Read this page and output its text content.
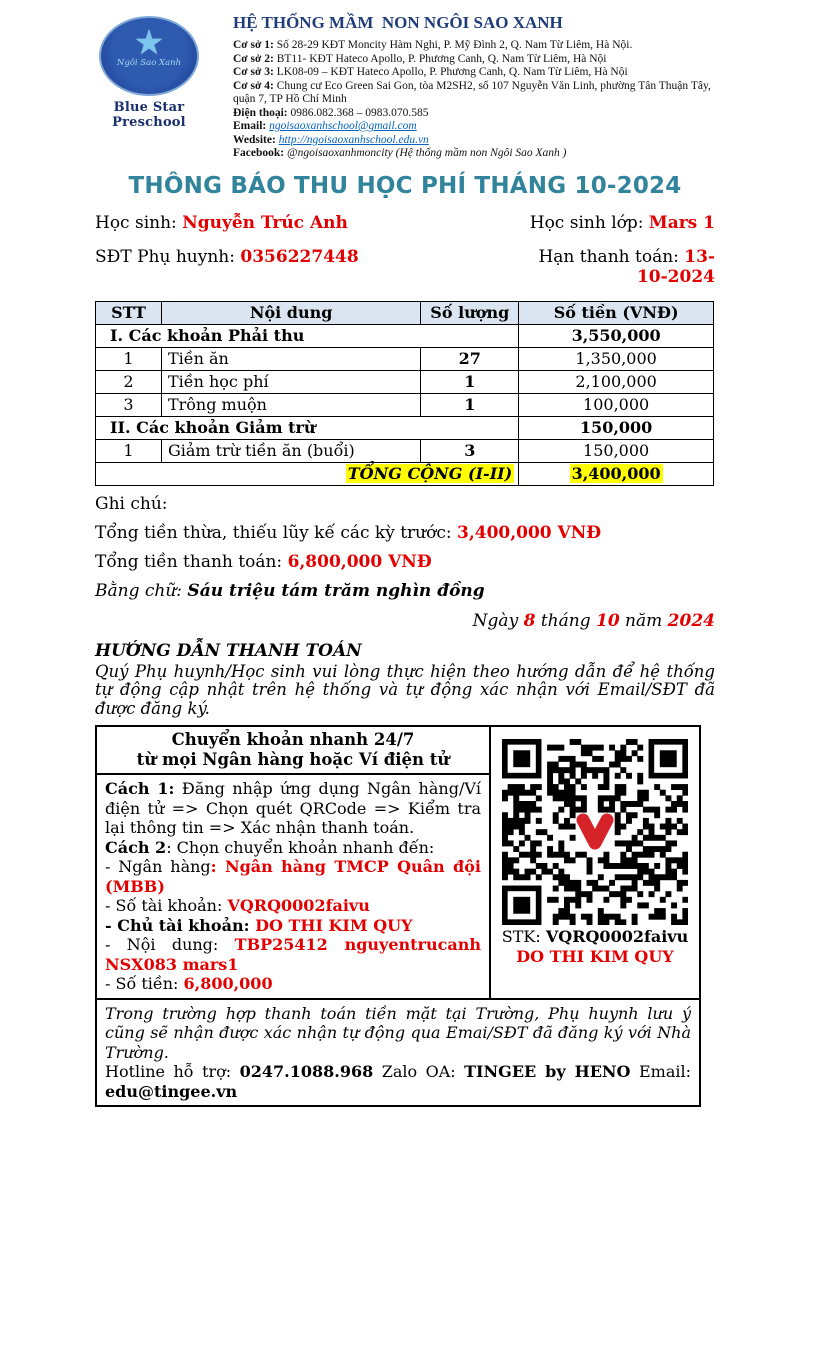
★
Ngôi Sao Xanh
Blue Star Preschool
HỆ THỐNG MẦM  NON NGÔI SAO XANH
Cơ sở 1: Số 28-29 KĐT Moncity Hàm Nghi, P. Mỹ Đình 2, Q. Nam Từ Liêm, Hà Nội.
Cơ sở 2: BT11- KĐT Hateco Apollo, P. Phương Canh, Q. Nam Từ Liêm, Hà Nội
Cơ sở 3: LK08-09 – KĐT Hateco Apollo, P. Phương Canh, Q. Nam Từ Liêm, Hà Nội
Cơ sở 4: Chung cư Eco Green Sai Gon, tòa M2SH2, số 107 Nguyễn Văn Linh, phường Tân Thuận Tây, quận 7, TP Hồ Chí Minh
Điện thoại: 0986.082.368 – 0983.070.585
Email: ngoisaoxanhschool@gmail.com
Wedsite: http://ngoisaoxanhschool.edu.vn
Facebook: @ngoisaoxanhmoncity (Hệ thống mầm non Ngôi Sao Xanh )
THÔNG BÁO THU HỌC PHÍ THÁNG 10-2024
Học sinh: Nguyễn Trúc Anh	Học sinh lớp: Mars 1
SĐT Phụ huynh: 0356227448	Hạn thanh toán: 13-10-2024
STT	Nội dung	Số lượng	Số tiền (VNĐ)
I. Các khoản Phải thu			3,550,000
1	Tiền ăn	27	1,350,000
2	Tiền học phí	1	2,100,000
3	Trông muộn	1	100,000
II. Các khoản Giảm trừ			150,000
1	Giảm trừ tiền ăn (buổi)	3	150,000
TỔNG CỘNG (I-II)			3,400,000
Ghi chú:
Tổng tiền thừa, thiếu lũy kế các kỳ trước: 3,400,000 VNĐ
Tổng tiền thanh toán: 6,800,000 VNĐ
Bằng chữ: Sáu triệu tám trăm nghìn đồng
Ngày 8 tháng 10 năm 2024
HƯỚNG DẪN THANH TOÁN
Quý Phụ huynh/Học sinh vui lòng thực hiện theo hướng dẫn để hệ thống tự động cập nhật trên hệ thống và tự động xác nhận với Email/SĐT đã được đăng ký.
Chuyển khoản nhanh 24/7
từ mọi Ngân hàng hoặc Ví điện tử

Cách 1: Đăng nhập ứng dụng Ngân hàng/Ví điện tử => Chọn quét QRCode => Kiểm tra lại thông tin => Xác nhận thanh toán.

Cách 2: Chọn chuyển khoản nhanh đến:

- Ngân hàng: Ngân hàng TMCP Quân đội (MBB)

- Số tài khoản: VQRQ0002faivu

- Chủ tài khoản: DO THI KIM QUY

- Nội dung: TBP25412 nguyentrucanh NSX083 mars1

- Số tiền: 6,800,000

STK: VQRQ0002faivu
DO THI KIM QUY

Trong trường hợp thanh toán tiền mặt tại Trường, Phụ huynh lưu ý cũng sẽ nhận được xác nhận tự động qua Emai/SĐT đã đăng ký với Nhà Trường.

Hotline hỗ trợ: 0247.1088.968 Zalo OA: TINGEE by HENO Email: edu@tingee.vn
